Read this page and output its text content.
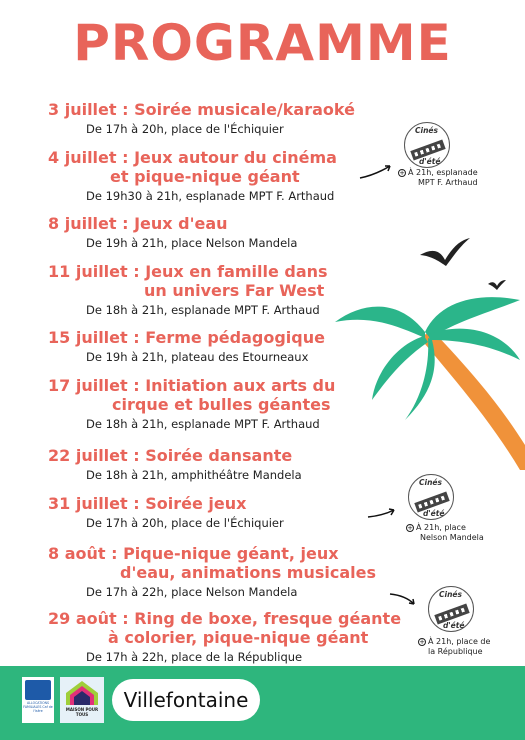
PROGRAMME
3 juillet : Soirée musicale/karaoké
De 17h à 20h, place de l'Échiquier
4 juillet : Jeux autour du cinéma
et pique-nique géant
De 19h30 à 21h, esplanade MPT F. Arthaud
8 juillet : Jeux d'eau
De 19h à 21h, place Nelson Mandela
11 juillet : Jeux en famille dans
un univers Far West
De 18h à 21h, esplanade MPT F. Arthaud
15 juillet : Ferme pédagogique
De 19h à 21h, plateau des Etourneaux
17 juillet : Initiation aux arts du
cirque et bulles géantes
De 18h à 21h, esplanade MPT F. Arthaud
22 juillet : Soirée dansante
De 18h à 21h, amphithéâtre Mandela
31 juillet : Soirée jeux
De 17h à 20h, place de l'Échiquier
8 août : Pique-nique géant, jeux
d'eau, animations musicales
De 17h à 22h, place Nelson Mandela
29 août : Ring de boxe, fresque géante
à colorier, pique-nique géant
De 17h à 22h, place de la République
Cinés
d'été
+ À 21h, esplanade
MPT F. Arthaud
Cinés
d'été
+ À 21h, place
Nelson Mandela
Cinés
d'été
+ À 21h, place de
la République
ALLOCATIONS FAMILIALES Caf de l'Isère	MAISON POUR TOUS
Villefontaine
